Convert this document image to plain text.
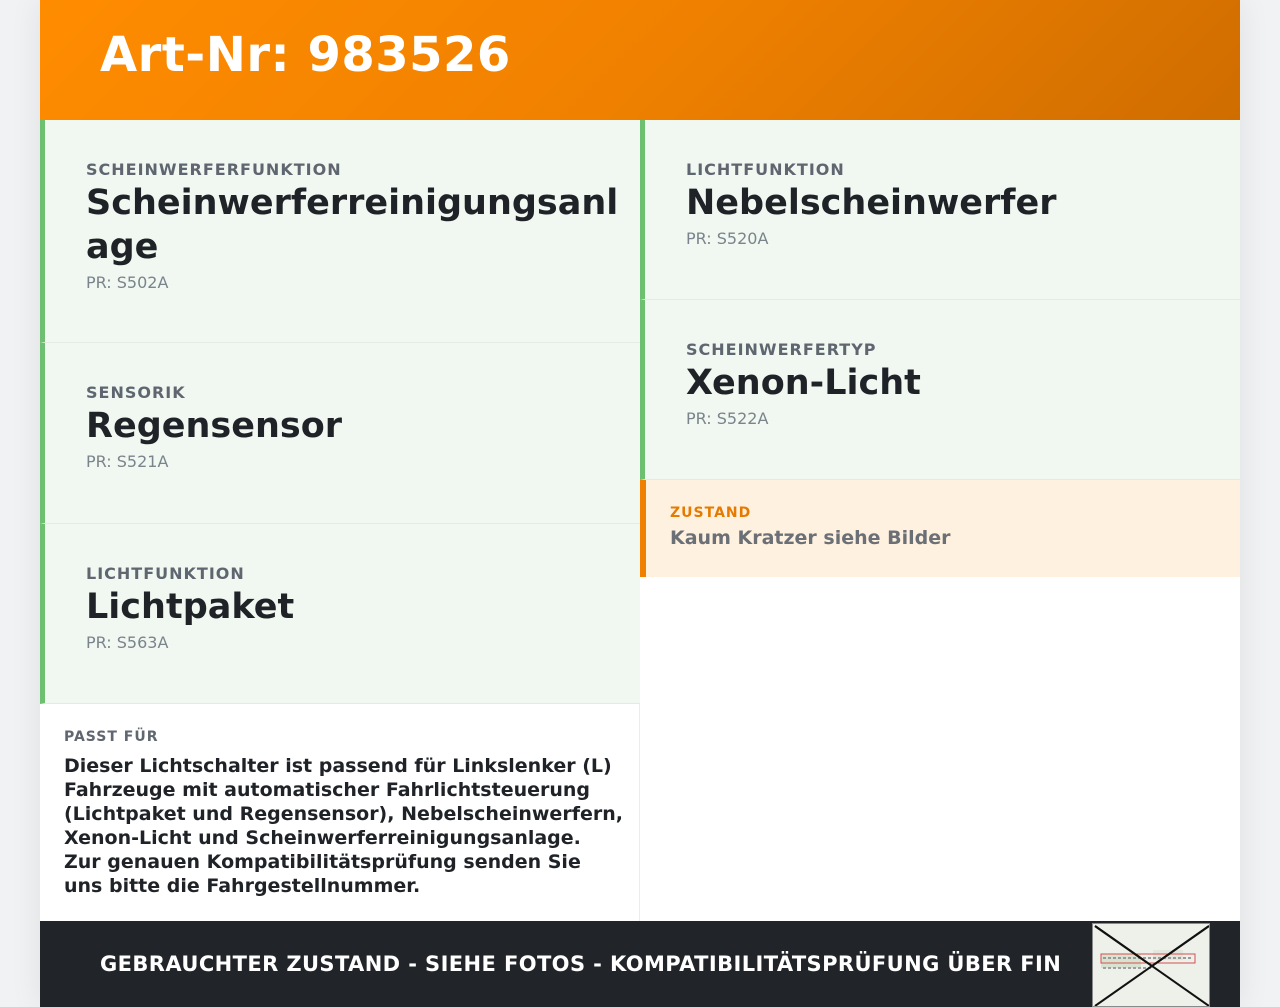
Art-Nr: 983526
SCHEINWERFERFUNKTION
Scheinwerferreinigungsanlage
PR: S502A
SENSORIK
Regensensor
PR: S521A
LICHTFUNKTION
Lichtpaket
PR: S563A
PASST FÜR
Dieser Lichtschalter ist passend für Linkslenker (L) Fahrzeuge mit automatischer Fahrlichtsteuerung (Lichtpaket und Regensensor), Nebelscheinwerfern, Xenon-Licht und Scheinwerferreinigungsanlage. Zur genauen Kompatibilitätsprüfung senden Sie uns bitte die Fahrgestellnummer.
LICHTFUNKTION
Nebelscheinwerfer
PR: S520A
SCHEINWERFERTYP
Xenon-Licht
PR: S522A
ZUSTAND
Kaum Kratzer siehe Bilder
GEBRAUCHTER ZUSTAND - SIEHE FOTOS - KOMPATIBILITÄTSPRÜFUNG ÜBER FIN
